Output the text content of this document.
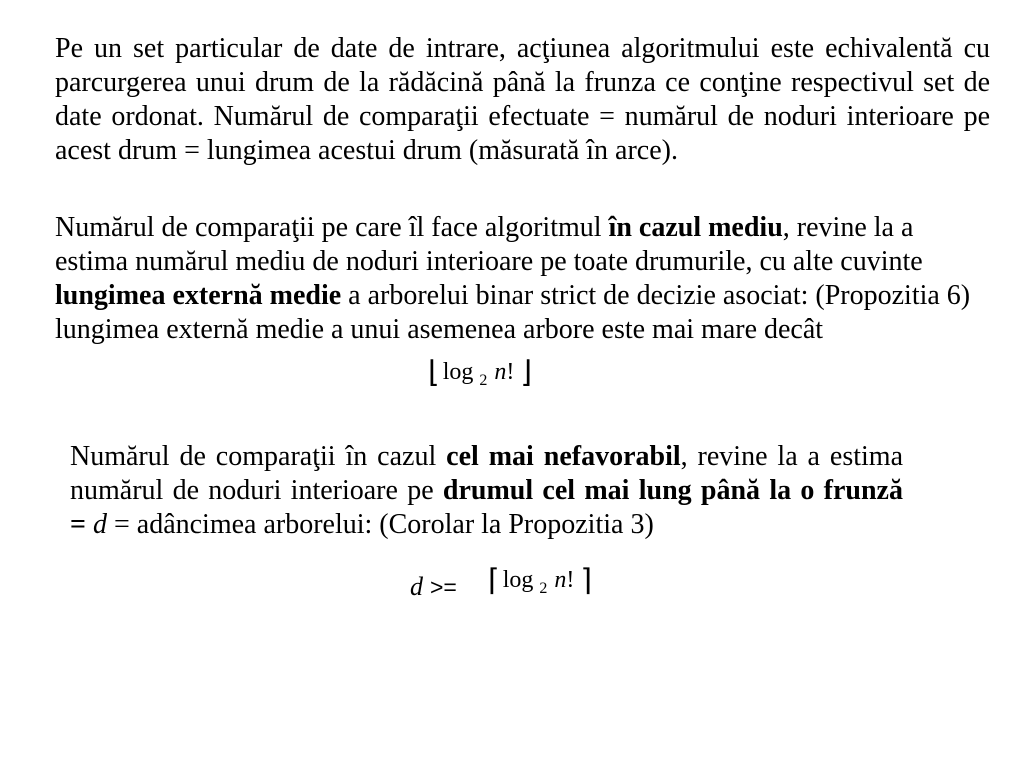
Pe un set particular de date de intrare, acţiunea algoritmului este echivalentă cu
parcurgerea unui drum de la rădăcină până la frunza ce conţine respectivul set de
date ordonat. Numărul de comparaţii efectuate = numărul de noduri interioare pe
acest drum = lungimea acestui drum (măsurată în arce).
Numărul de comparaţii pe care îl face algoritmul în cazul mediu, revine la a
estima numărul mediu de noduri interioare pe toate drumurile, cu alte cuvinte
lungimea externă medie a arborelui binar strict de decizie asociat: (Propozitia 6)
lungimea externă medie a unui asemenea arbore este mai mare decât
⌊ log 2 n! ⌋
Numărul de comparaţii în cazul cel mai nefavorabil, revine la a estima
numărul de noduri interioare pe drumul cel mai lung până la o frunză
= d = adâncimea arborelui: (Corolar la Propozitia 3)
d >= ⌈ log 2 n! ⌉
